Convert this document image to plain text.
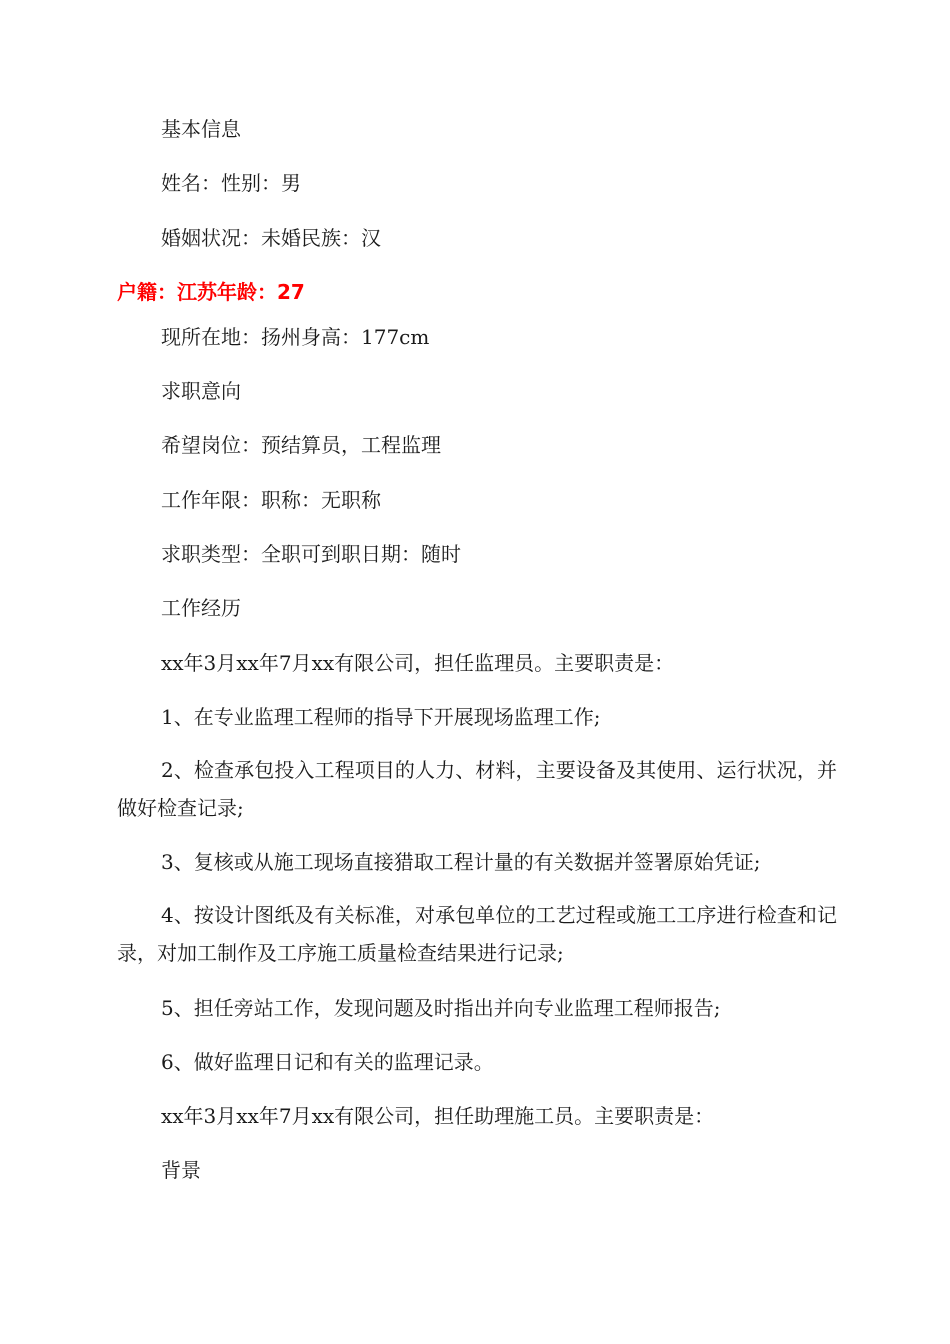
基本信息

姓名：性别：男

婚姻状况：未婚民族：汉

户籍：江苏年龄：27

现所在地：扬州身高：177cm

求职意向

希望岗位：预结算员，工程监理

工作年限：职称：无职称

求职类型：全职可到职日期：随时

工作经历

xx年3月xx年7月xx有限公司，担任监理员。主要职责是：

1、在专业监理工程师的指导下开展现场监理工作;

2、检查承包投入工程项目的人力、材料，主要设备及其使用、运行状况，并做好检查记录;

3、复核或从施工现场直接猎取工程计量的有关数据并签署原始凭证;

4、按设计图纸及有关标准，对承包单位的工艺过程或施工工序进行检查和记录，对加工制作及工序施工质量检查结果进行记录;

5、担任旁站工作，发现问题及时指出并向专业监理工程师报告;

6、做好监理日记和有关的监理记录。

xx年3月xx年7月xx有限公司，担任助理施工员。主要职责是：

背景
